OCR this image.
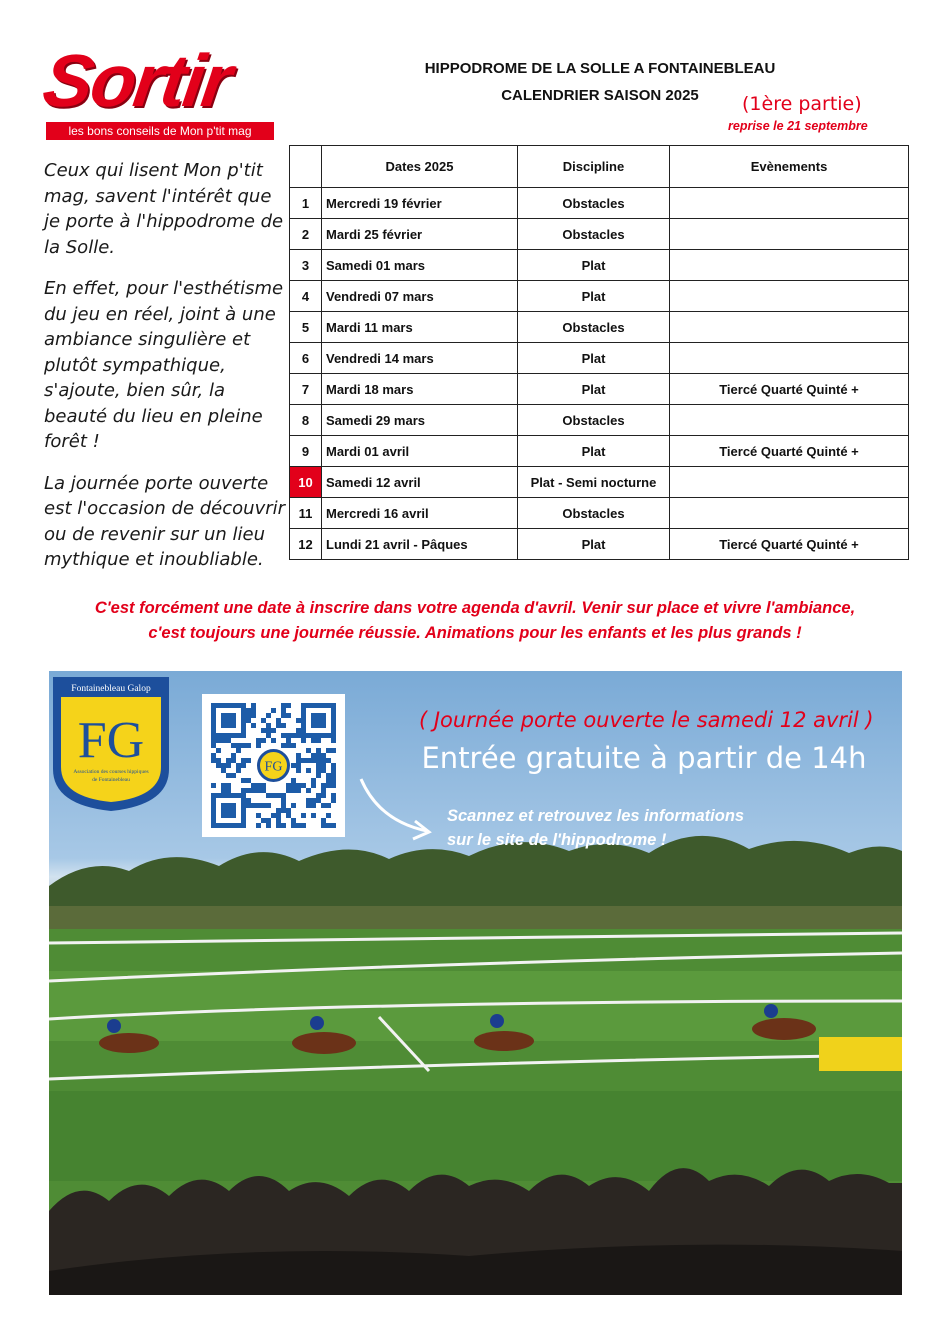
Sortir
les bons conseils de Mon p'tit mag
HIPPODROME DE LA SOLLE A FONTAINEBLEAU
CALENDRIER SAISON 2025	(1ère partie)
reprise le 21 septembre

Ceux qui lisent Mon p'tit mag, savent l'intérêt que je porte à l'hippodrome de la Solle.

En effet, pour l'esthétisme du jeu en réel, joint à une ambiance singulière et plutôt sympathique, s'ajoute, bien sûr, la beauté du lieu en pleine forêt !

La journée porte ouverte est l'occasion de découvrir ou de revenir sur un lieu mythique et inoubliable.

	Dates 2025	Discipline	Evènements
1	Mercredi 19 février	Obstacles	
2	Mardi 25 février	Obstacles	
3	Samedi 01 mars	Plat	
4	Vendredi 07 mars	Plat	
5	Mardi 11 mars	Obstacles	
6	Vendredi 14 mars	Plat	
7	Mardi 18 mars	Plat	Tiercé Quarté Quinté +
8	Samedi 29 mars	Obstacles	
9	Mardi 01 avril	Plat	Tiercé Quarté Quinté +
10	Samedi 12 avril	Plat - Semi nocturne	
11	Mercredi 16 avril	Obstacles	
12	Lundi 21 avril - Pâques	Plat	Tiercé Quarté Quinté +
C'est forcément une date à inscrire dans votre agenda d'avril. Venir sur place et vivre l'ambiance,
c'est toujours une journée réussie. Animations pour les enfants et les plus grands !
Fontainebleau Galop
FG
Association des courses hippiques
de Fontainebleau
FG
( Journée porte ouverte le samedi 12 avril )
Entrée gratuite à partir de 14h
Scannez et retrouvez les informations
sur le site de l'hippodrome !
